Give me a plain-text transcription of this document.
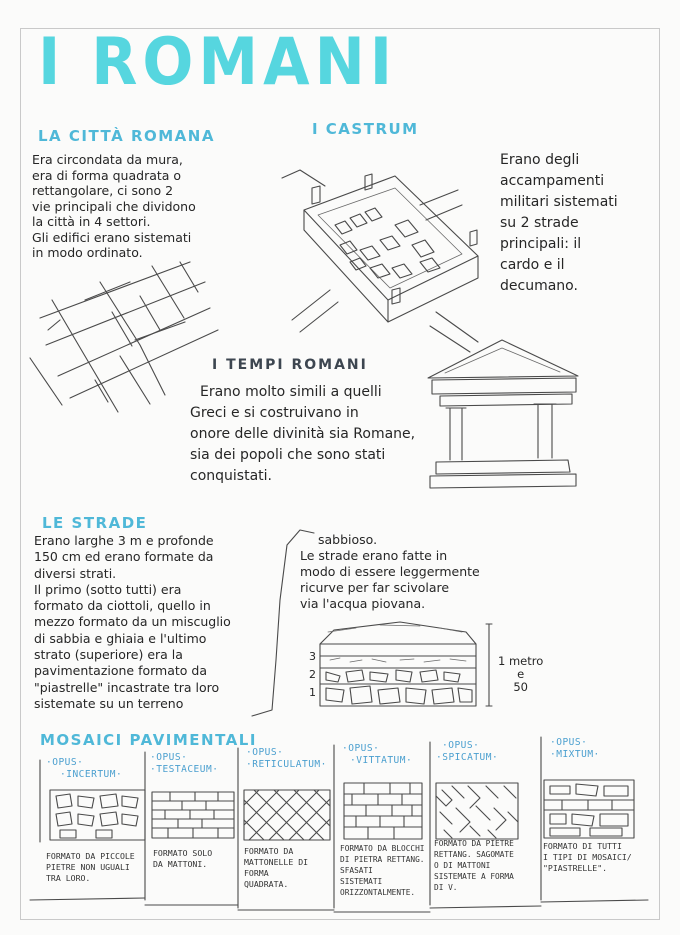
I ROMANI
LA CITTÀ ROMANA
Era circondata da mura,
era di forma quadrata o
rettangolare, ci sono 2
vie principali che dividono
la città in 4 settori.
Gli edifici erano sistemati
in modo ordinato.
I CASTRUM
Erano degli
accampamenti
militari sistemati
su 2 strade
principali: il
cardo e il
decumano.
I TEMPI ROMANI
Erano molto simili a quelli
Greci e si costruivano in
onore delle divinità sia Romane,
sia dei popoli che sono stati
conquistati.
LE STRADE
Erano larghe 3 m e profonde
150 cm ed erano formate da
diversi strati.
Il primo (sotto tutti) era
formato da ciottoli, quello in
mezzo formato da un miscuglio
di sabbia e ghiaia e l'ultimo
strato (superiore) era la
pavimentazione formato da
"piastrelle" incastrate tra loro
sistemate su un terreno
sabbioso.
Le strade erano fatte in
modo di essere leggermente
ricurve per far scivolare
via l'acqua piovana.
3
2
1
1 metro
e
50
MOSAICI PAVIMENTALI
·OPUS·
·INCERTUM·
·OPUS·
·TESTACEUM·
·OPUS·
·RETICULATUM·
·OPUS·
·VITTATUM·
·OPUS·
·SPICATUM·
·OPUS·
·MIXTUM·
FORMATO DA PICCOLE
PIETRE NON UGUALI
TRA LORO.
FORMATO SOLO
DA MATTONI.
FORMATO DA
MATTONELLE DI
FORMA
QUADRATA.
FORMATO DA BLOCCHI
DI PIETRA RETTANG.
SFASATI
SISTEMATI
ORIZZONTALMENTE.
FORMATO DA PIETRE
RETTANG. SAGOMATE
O DI MATTONI
SISTEMATE A FORMA
DI V.
FORMATO DI TUTTI
I TIPI DI MOSAICI/
"PIASTRELLE".
